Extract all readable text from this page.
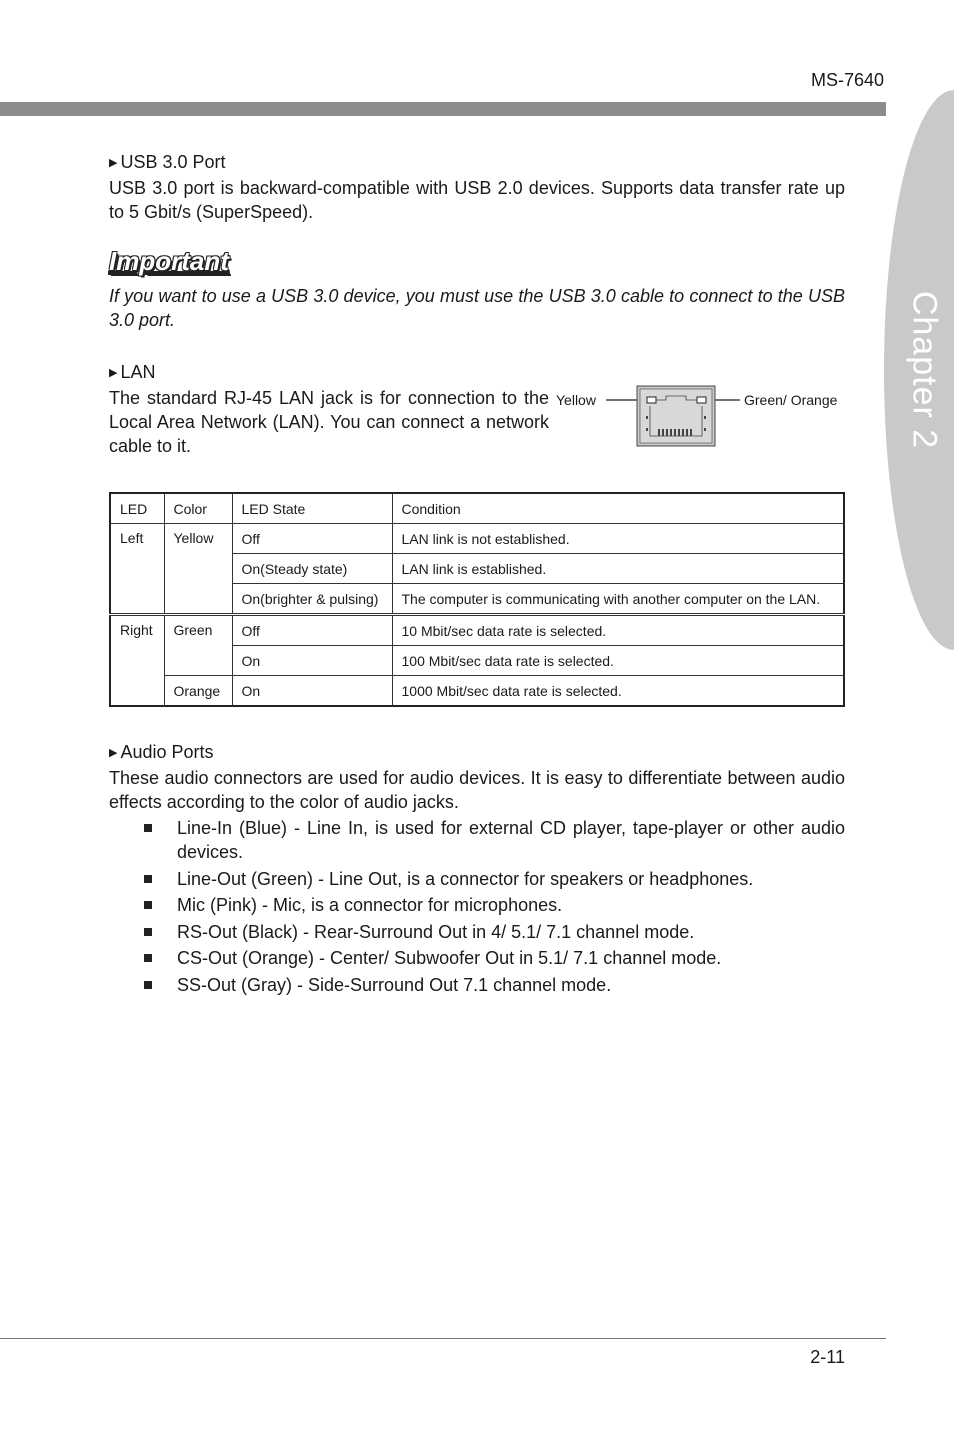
MS-7640
Chapter 2
▶ USB 3.0 Port

USB 3.0 port is backward-compatible with USB 2.0 devices. Supports data transfer rate up to 5 Gbit/s (SuperSpeed).

Important

If you want to use a USB 3.0 device, you must use the USB 3.0 cable to connect to the USB 3.0 port.

▶ LAN

The standard RJ-45 LAN jack is for connection to the Local Area Network (LAN). You can connect a network cable to it.

Yellow	Green/ Orange
LED	Color	LED State	Condition
Left	Yellow	Off	LAN link is not established.
		On(Steady state)	LAN link is established.
		On(brighter & pulsing)	The computer is communicating with another computer on the LAN.
Right	Green	Off	10 Mbit/sec data rate is selected.
		On	100 Mbit/sec data rate is selected.
	Orange	On	1000 Mbit/sec data rate is selected.
▶ Audio Ports

These audio connectors are used for audio devices. It is easy to differentiate between audio effects according to the color of audio jacks.

Line-In (Blue) - Line In, is used for external CD player, tape-player or other audio devices.
Line-Out (Green) - Line Out, is a connector for speakers or headphones.
Mic (Pink) - Mic, is a connector for microphones.
RS-Out (Black) - Rear-Surround Out in 4/ 5.1/ 7.1 channel mode.
CS-Out (Orange) - Center/ Subwoofer Out in 5.1/ 7.1 channel mode.
SS-Out (Gray) - Side-Surround Out 7.1 channel mode.
2-11
